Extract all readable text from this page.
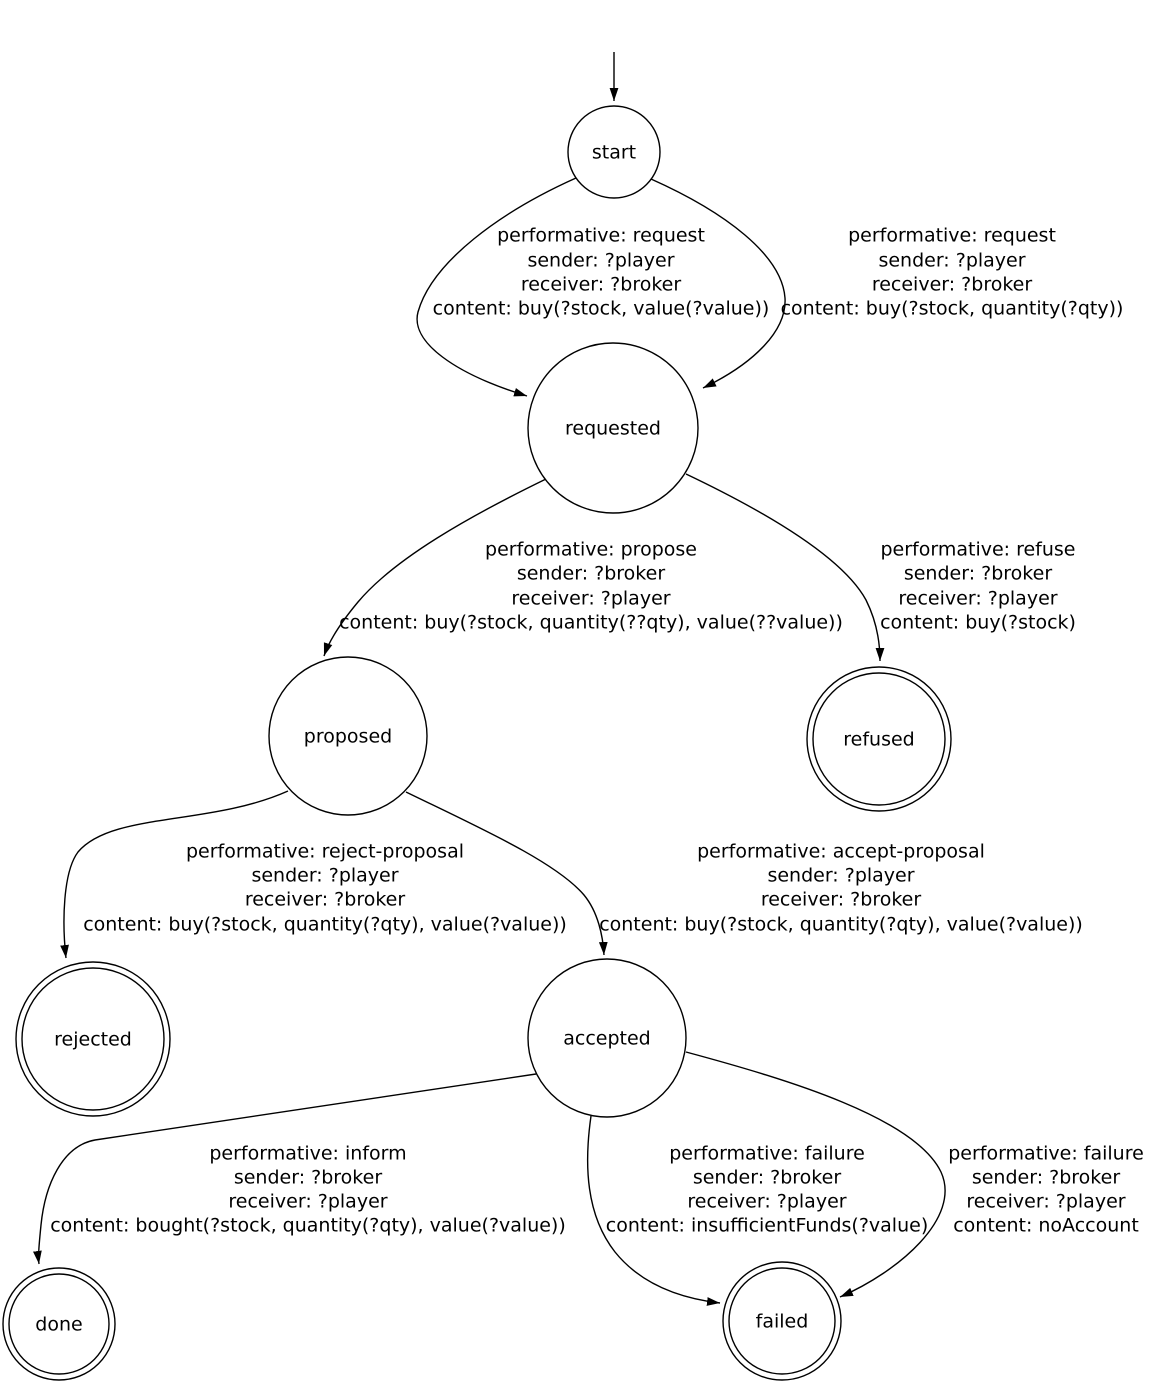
performative: request
sender: ?player
receiver: ?broker
content: buy(?stock, value(?value))
performative: request
sender: ?player
receiver: ?broker
content: buy(?stock, quantity(?qty))
performative: propose
sender: ?broker
receiver: ?player
content: buy(?stock, quantity(??qty), value(??value))
performative: refuse
sender: ?broker
receiver: ?player
content: buy(?stock)
performative: reject-proposal
sender: ?player
receiver: ?broker
content: buy(?stock, quantity(?qty), value(?value))
performative: accept-proposal
sender: ?player
receiver: ?broker
content: buy(?stock, quantity(?qty), value(?value))
performative: inform
sender: ?broker
receiver: ?player
content: bought(?stock, quantity(?qty), value(?value))
performative: failure
sender: ?broker
receiver: ?player
content: insufficientFunds(?value)
performative: failure
sender: ?broker
receiver: ?player
content: noAccount
start
requested
proposed	refused
rejected	accepted
done	failed
